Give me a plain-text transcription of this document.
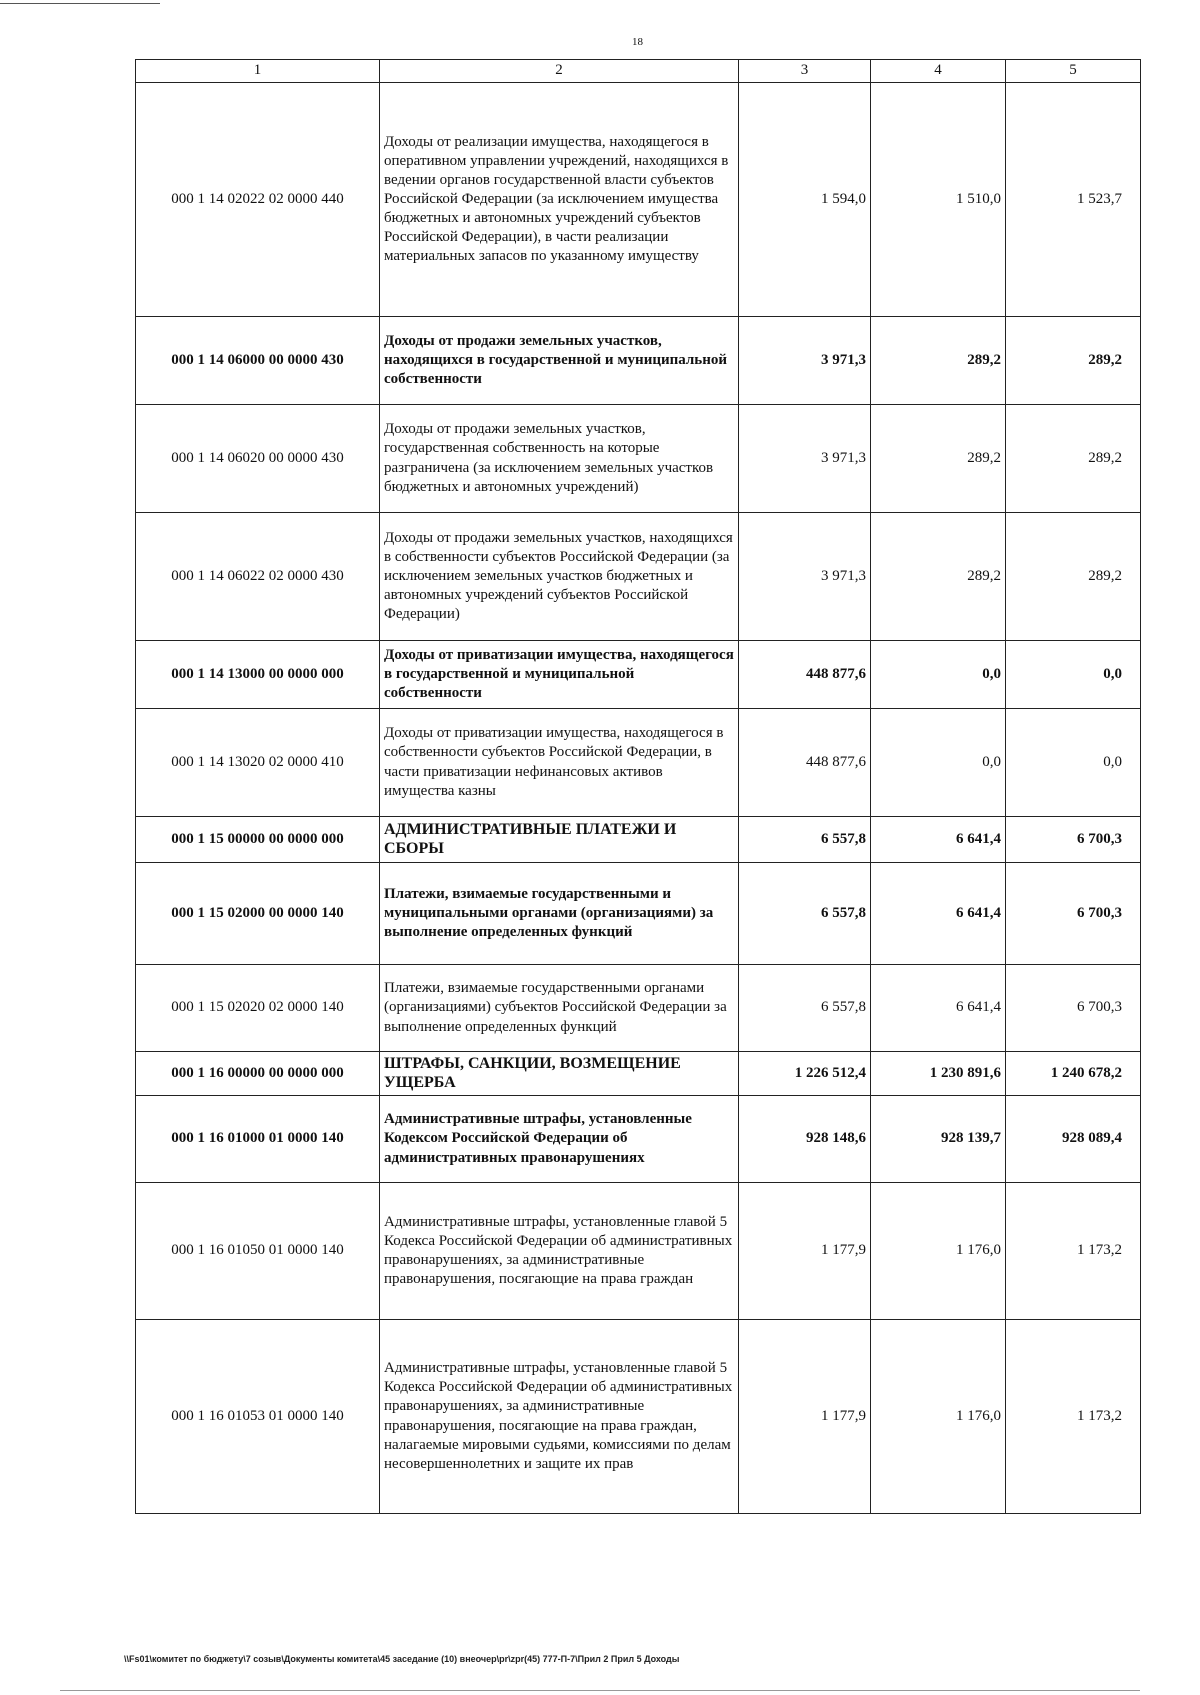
18
1	2	3	4	5
000 1 14 02022 02 0000 440	Доходы от реализации имущества, находящегося в оперативном управлении учреждений, находящихся в ведении органов государственной власти субъектов Российской Федерации (за исключением имущества бюджетных и автономных учреждений субъектов Российской Федерации), в части реализации материальных запасов по указанному имуществу	1 594,0	1 510,0	1 523,7
000 1 14 06000 00 0000 430	Доходы от продажи земельных участков, находящихся в государственной и муниципальной собственности	3 971,3	289,2	289,2
000 1 14 06020 00 0000 430	Доходы от продажи земельных участков, государственная собственность на которые разграничена (за исключением земельных участков бюджетных и автономных учреждений)	3 971,3	289,2	289,2
000 1 14 06022 02 0000 430	Доходы от продажи земельных участков, находящихся в собственности субъектов Российской Федерации (за исключением земельных участков бюджетных и автономных учреждений субъектов Российской Федерации)	3 971,3	289,2	289,2
000 1 14 13000 00 0000 000	Доходы от приватизации имущества, находящегося в государственной и муниципальной собственности	448 877,6	0,0	0,0
000 1 14 13020 02 0000 410	Доходы от приватизации имущества, находящегося в собственности субъектов Российской Федерации, в части приватизации нефинансовых активов имущества казны	448 877,6	0,0	0,0
000 1 15 00000 00 0000 000	АДМИНИСТРАТИВНЫЕ ПЛАТЕЖИ И СБОРЫ	6 557,8	6 641,4	6 700,3
000 1 15 02000 00 0000 140	Платежи, взимаемые государственными и муниципальными органами (организациями) за выполнение определенных функций	6 557,8	6 641,4	6 700,3
000 1 15 02020 02 0000 140	Платежи, взимаемые государственными органами (организациями) субъектов Российской Федерации за выполнение определенных функций	6 557,8	6 641,4	6 700,3
000 1 16 00000 00 0000 000	ШТРАФЫ, САНКЦИИ, ВОЗМЕЩЕНИЕ УЩЕРБА	1 226 512,4	1 230 891,6	1 240 678,2
000 1 16 01000 01 0000 140	Административные штрафы, установленные Кодексом Российской Федерации об административных правонарушениях	928 148,6	928 139,7	928 089,4
000 1 16 01050 01 0000 140	Административные штрафы, установленные главой 5 Кодекса Российской Федерации об административных правонарушениях, за административные правонарушения, посягающие на права граждан	1 177,9	1 176,0	1 173,2
000 1 16 01053 01 0000 140	Административные штрафы, установленные главой 5 Кодекса Российской Федерации об административных правонарушениях, за административные правонарушения, посягающие на права граждан, налагаемые мировыми судьями, комиссиями по делам несовершеннолетних и защите их прав	1 177,9	1 176,0	1 173,2
\\Fs01\комитет по бюджету\7 созыв\Документы комитета\45 заседание (10) внеочер\pr\zpr(45) 777-П-7\Прил 2 Прил 5 Доходы
